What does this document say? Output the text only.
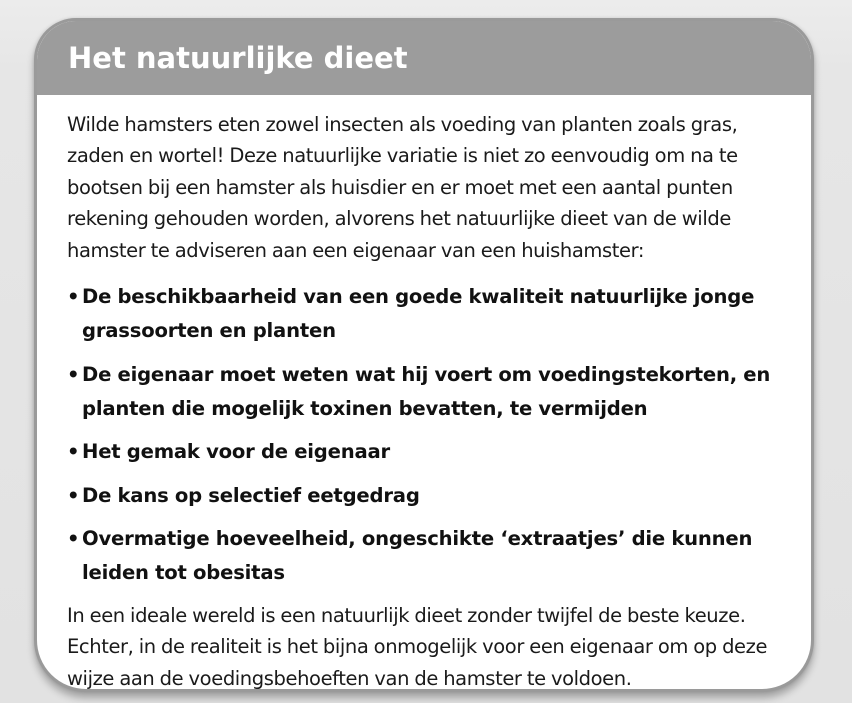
Het natuurlijke dieet

Wilde hamsters eten zowel insecten als voeding van planten zoals gras, zaden en wortel! Deze natuurlijke variatie is niet zo eenvoudig om na te bootsen bij een hamster als huisdier en er moet met een aantal punten rekening gehouden worden, alvorens het natuurlijke dieet van de wilde hamster te adviseren aan een eigenaar van een huishamster:

• De beschikbaarheid van een goede kwaliteit natuurlijke jonge grassoorten en planten
• De eigenaar moet weten wat hij voert om voedingstekorten, en planten die mogelijk toxinen bevatten, te vermijden
• Het gemak voor de eigenaar
• De kans op selectief eetgedrag
• Overmatige hoeveelheid, ongeschikte ‘extraatjes’ die kunnen leiden tot obesitas

In een ideale wereld is een natuurlijk dieet zonder twijfel de beste keuze. Echter, in de realiteit is het bijna onmogelijk voor een eigenaar om op deze wijze aan de voedingsbehoeften van de hamster te voldoen.
